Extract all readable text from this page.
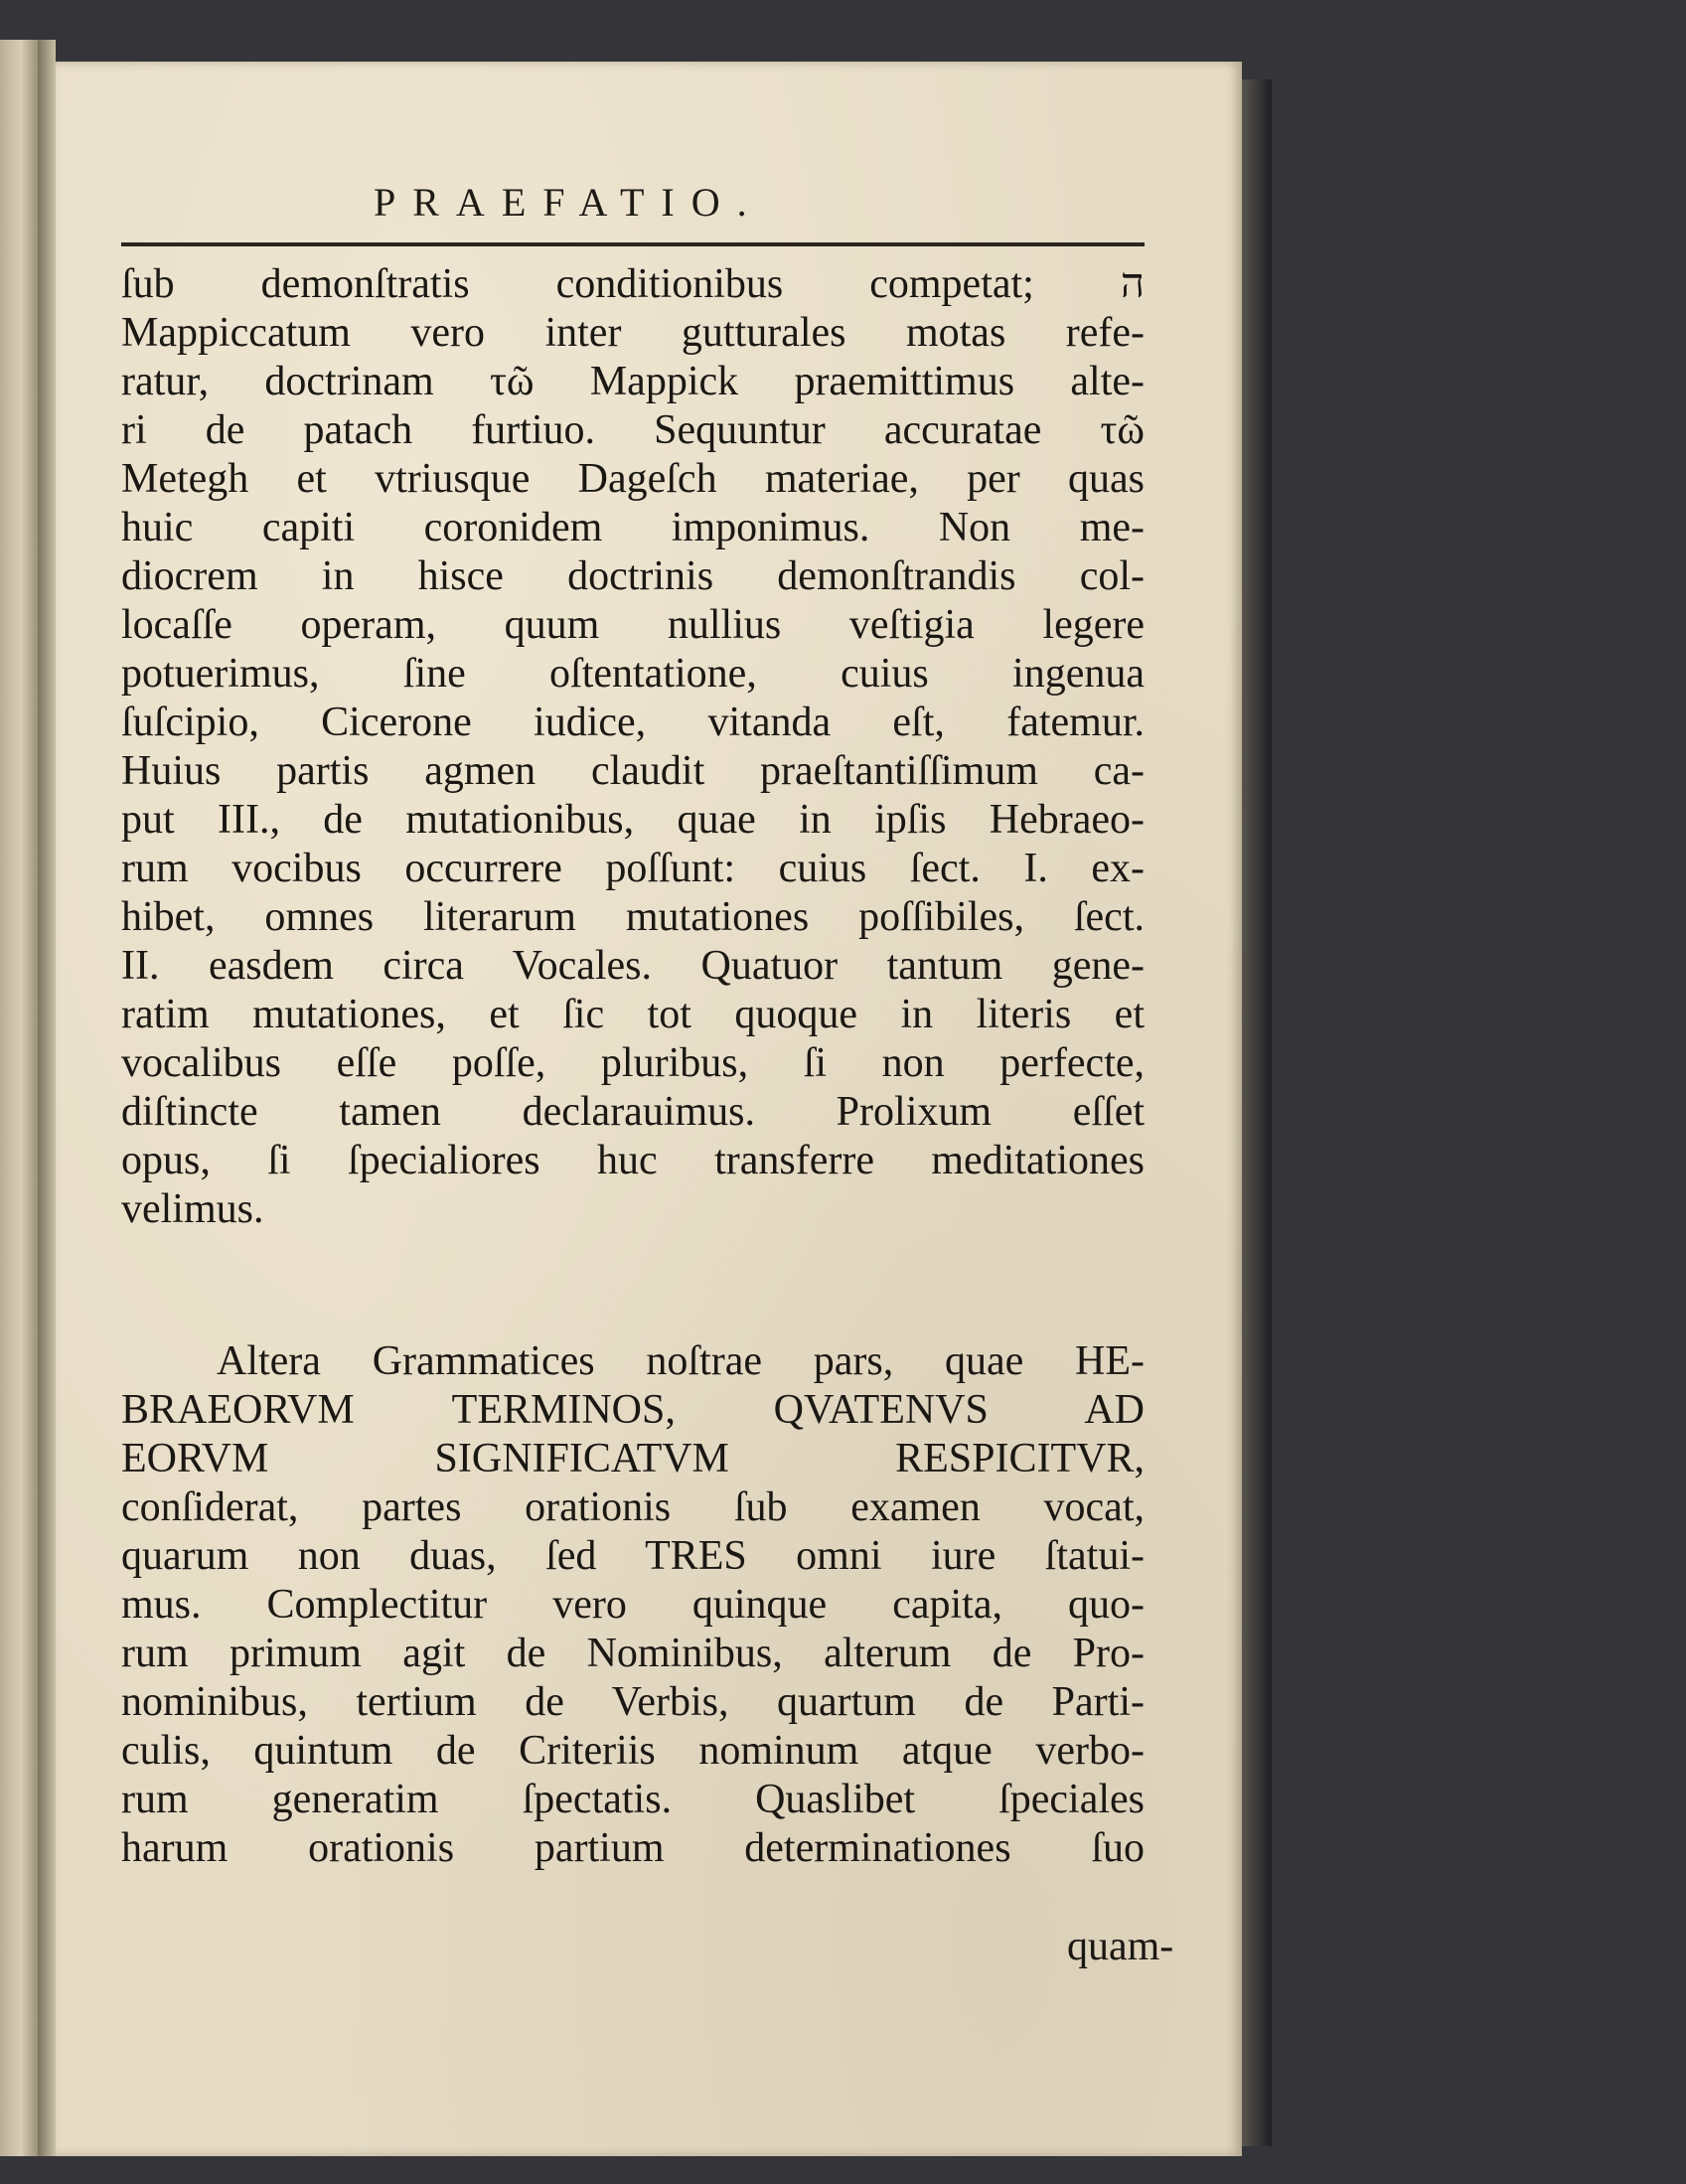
PRAEFATIO.
ſub demonſtratis conditionibus competat; ה
Mappiccatum vero inter gutturales motas refe-
ratur, doctrinam τῶ Mappick praemittimus alte-
ri de patach furtiuo. Sequuntur accuratae τῶ
Metegh et vtriusque Dageſch materiae, per quas
huic capiti coronidem imponimus. Non me-
diocrem in hisce doctrinis demonſtrandis col-
locaſſe operam, quum nullius veſtigia legere
potuerimus, ſine oſtentatione, cuius ingenua
ſuſcipio, Cicerone iudice, vitanda eſt, fatemur.
Huius partis agmen claudit praeſtantiſſimum ca-
put III., de mutationibus, quae in ipſis Hebraeo-
rum vocibus occurrere poſſunt: cuius ſect. I. ex-
hibet, omnes literarum mutationes poſſibiles, ſect.
II. easdem circa Vocales. Quatuor tantum gene-
ratim mutationes, et ſic tot quoque in literis et
vocalibus eſſe poſſe, pluribus, ſi non perfecte,
diſtincte tamen declarauimus. Prolixum eſſet
opus, ſi ſpecialiores huc transferre meditationes
velimus.
Altera Grammatices noſtrae pars, quae HE-
BRAEORVM TERMINOS, QVATENVS AD
EORVM SIGNIFICATVM RESPICITVR,
conſiderat, partes orationis ſub examen vocat,
quarum non duas, ſed TRES omni iure ſtatui-
mus. Complectitur vero quinque capita, quo-
rum primum agit de Nominibus, alterum de Pro-
nominibus, tertium de Verbis, quartum de Parti-
culis, quintum de Criteriis nominum atque verbo-
rum generatim ſpectatis. Quaslibet ſpeciales
harum orationis partium determinationes ſuo
quam-
